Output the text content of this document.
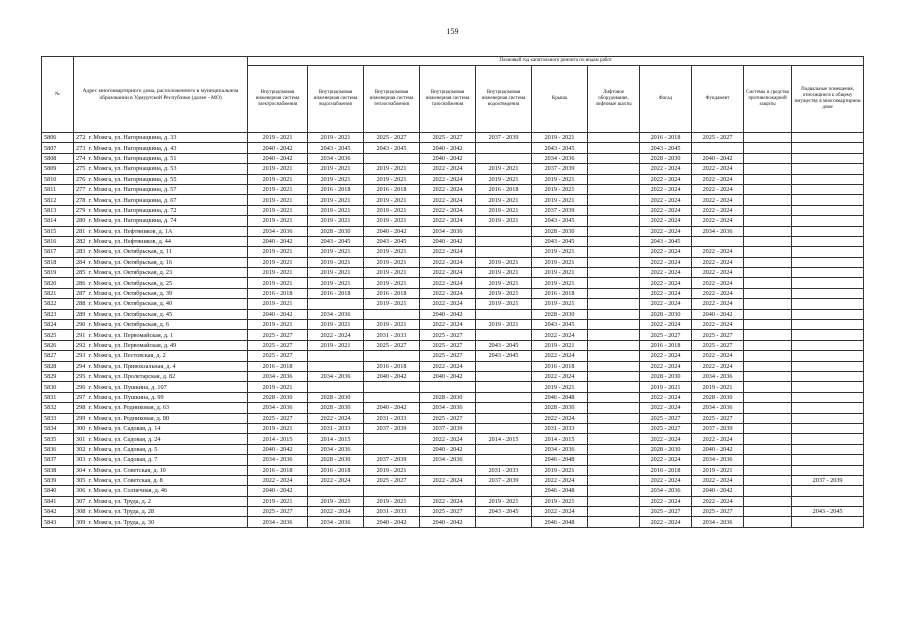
159
№	Адрес многоквартирного дома, расположенного в муниципальном образовании в Удмуртской Республике (далее - МО)		Плановый год капитального ремонта по видам работ										
			Внутридомовая инженерная система электроснабжения	Внутридомовая инженерная система водоснабжения	Внутридомовая инженерная система теплоснабжения	Внутридомовая инженерная система газоснабжения	Внутридомовая инженерная система водоотведения	Крыша	Лифтовое оборудование, лифтовые шахты	Фасад	Фундамент	Системы и средства противопожарной защиты	Подвальные помещения, относящиеся к общему имуществу в многоквартирном доме
5806	272	г. Можга, ул. Нагорнацкина, д. 33	2019 - 2021	2019 - 2021	2025 - 2027	2025 - 2027	2037 - 2039	2019 - 2021		2016 - 2018	2025 - 2027		
5807	273	г. Можга, ул. Нагорнацкина, д. 43	2040 - 2042	2043 - 2045	2043 - 2045	2040 - 2042		2043 - 2045		2043 - 2045			
5808	274	г. Можга, ул. Нагорнацкина, д. 51	2040 - 2042	2034 - 2036		2040 - 2042		2034 - 2036		2028 - 2030	2040 - 2042		
5809	275	г. Можга, ул. Нагорнацкина, д. 53	2019 - 2021	2019 - 2021	2019 - 2021	2022 - 2024	2019 - 2021	2037 - 2039		2022 - 2024	2022 - 2024		
5810	276	г. Можга, ул. Нагорнацкина, д. 55	2019 - 2021	2019 - 2021	2019 - 2021	2022 - 2024	2019 - 2021	2019 - 2021		2022 - 2024	2022 - 2024		
5811	277	г. Можга, ул. Нагорнацкина, д. 57	2019 - 2021	2016 - 2018	2016 - 2018	2022 - 2024	2016 - 2018	2019 - 2021		2022 - 2024	2022 - 2024		
5812	278	г. Можга, ул. Нагорнацкина, д. 67	2019 - 2021	2019 - 2021	2019 - 2021	2022 - 2024	2019 - 2021	2019 - 2021		2022 - 2024	2022 - 2024		
5813	279	г. Можга, ул. Нагорнацкина, д. 72	2019 - 2021	2019 - 2021	2019 - 2021	2022 - 2024	2019 - 2021	2037 - 2039		2022 - 2024	2022 - 2024		
5814	280	г. Можга, ул. Нагорнацкина, д. 74	2019 - 2021	2019 - 2021	2019 - 2021	2022 - 2024	2019 - 2021	2043 - 2045		2022 - 2024	2022 - 2024		
5815	281	г. Можга, ул. Нефтяников, д. 1А	2034 - 2036	2028 - 2030	2040 - 2042	2034 - 2036		2028 - 2030		2022 - 2024	2034 - 2036		
5816	282	г. Можга, ул. Нефтяников, д. 44	2040 - 2042	2043 - 2045	2043 - 2045	2040 - 2042		2043 - 2045		2043 - 2045			
5817	283	г. Можга, ул. Октябрьская, д. 11	2019 - 2021	2019 - 2021	2019 - 2021	2022 - 2024		2019 - 2021		2022 - 2024	2022 - 2024		
5818	284	г. Можга, ул. Октябрьская, д. 16	2019 - 2021	2019 - 2021	2019 - 2021	2022 - 2024	2019 - 2021	2019 - 2021		2022 - 2024	2022 - 2024		
5819	285	г. Можга, ул. Октябрьская, д. 23	2019 - 2021	2019 - 2021	2019 - 2021	2022 - 2024	2019 - 2021	2019 - 2021		2022 - 2024	2022 - 2024		
5820	286	г. Можга, ул. Октябрьская, д. 25	2019 - 2021	2019 - 2021	2019 - 2021	2022 - 2024	2019 - 2021	2019 - 2021		2022 - 2024	2022 - 2024		
5821	287	г. Можга, ул. Октябрьская, д. 39	2016 - 2018	2016 - 2018	2016 - 2018	2022 - 2024	2019 - 2021	2016 - 2018		2022 - 2024	2022 - 2024		
5822	288	г. Можга, ул. Октябрьская, д. 40	2019 - 2021		2019 - 2021	2022 - 2024	2019 - 2021	2019 - 2021		2022 - 2024	2022 - 2024		
5823	289	г. Можга, ул. Октябрьская, д. 45	2040 - 2042	2034 - 2036		2040 - 2042		2028 - 2030		2028 - 2030	2040 - 2042		
5824	290	г. Можга, ул. Октябрьская, д. 6	2019 - 2021	2019 - 2021	2019 - 2021	2022 - 2024	2019 - 2021	2043 - 2045		2022 - 2024	2022 - 2024		
5825	291	г. Можга, ул. Первомайская, д. 1	2025 - 2027	2022 - 2024	2031 - 2033	2025 - 2027		2022 - 2024		2025 - 2027	2025 - 2027		
5826	292	г. Можга, ул. Первомайская, д. 49	2025 - 2027	2019 - 2021	2025 - 2027	2025 - 2027	2043 - 2045	2019 - 2021		2016 - 2018	2025 - 2027		
5827	293	г. Можга, ул. Пестовская, д. 2	2025 - 2027			2025 - 2027	2043 - 2045	2022 - 2024		2022 - 2024	2022 - 2024		
5828	294	г. Можга, ул. Привокзальная, д. 4	2016 - 2018		2016 - 2018	2022 - 2024		2016 - 2018		2022 - 2024	2022 - 2024		
5829	295	г. Можга, ул. Пролетарская, д. 82	2034 - 2036	2034 - 2036	2040 - 2042	2040 - 2042		2022 - 2024		2028 - 2030	2034 - 2036		
5830	296	г. Можга, ул. Пушкина, д. 107	2019 - 2021					2019 - 2021		2019 - 2021	2019 - 2021		
5831	297	г. Можга, ул. Пушкина, д. 99	2028 - 2030	2028 - 2030		2028 - 2030		2046 - 2048		2022 - 2024	2028 - 2030		
5832	298	г. Можга, ул. Родниковая, д. 63	2034 - 2036	2028 - 2030	2040 - 2042	2034 - 2036		2028 - 2030		2022 - 2024	2034 - 2036		
5833	299	г. Можга, ул. Родниковая, д. 80	2025 - 2027	2022 - 2024	2031 - 2033	2025 - 2027		2022 - 2024		2025 - 2027	2025 - 2027		
5834	300	г. Можга, ул. Садовая, д. 14	2019 - 2021	2031 - 2033	2037 - 2039	2037 - 2039		2031 - 2033		2025 - 2027	2037 - 2039		
5835	301	г. Можга, ул. Садовая, д. 24	2014 - 2015	2014 - 2015		2022 - 2024	2014 - 2015	2014 - 2015		2022 - 2024	2022 - 2024		
5836	302	г. Можга, ул. Садовая, д. 5	2040 - 2042	2034 - 2036		2040 - 2042		2034 - 2036		2028 - 2030	2040 - 2042		
5837	303	г. Можга, ул. Садовая, д. 7	2034 - 2036	2028 - 2030	2037 - 2039	2034 - 2036		2046 - 2048		2022 - 2024	2034 - 2036		
5838	304	г. Можга, ул. Советская, д. 10	2016 - 2018	2016 - 2018	2019 - 2021		2031 - 2033	2019 - 2021		2016 - 2018	2019 - 2021		
5839	305	г. Можга, ул. Советская, д. 8	2022 - 2024	2022 - 2024	2025 - 2027	2022 - 2024	2037 - 2039	2022 - 2024		2022 - 2024	2022 - 2024		2037 - 2039
5840	306	г. Можга, ул. Солнечная, д. 46	2040 - 2042					2046 - 2048		2034 - 2036	2040 - 2042		
5841	307	г. Можга, ул. Труда, д. 2	2019 - 2021	2019 - 2021	2019 - 2021	2022 - 2024	2019 - 2021	2019 - 2021		2022 - 2024	2022 - 2024		
5842	308	г. Можга, ул. Труда, д. 28	2025 - 2027	2022 - 2024	2031 - 2033	2025 - 2027	2043 - 2045	2022 - 2024		2025 - 2027	2025 - 2027		2043 - 2045
5843	309	г. Можга, ул. Труда, д. 30	2034 - 2036	2034 - 2036	2040 - 2042	2040 - 2042		2046 - 2048		2022 - 2024	2034 - 2036		
